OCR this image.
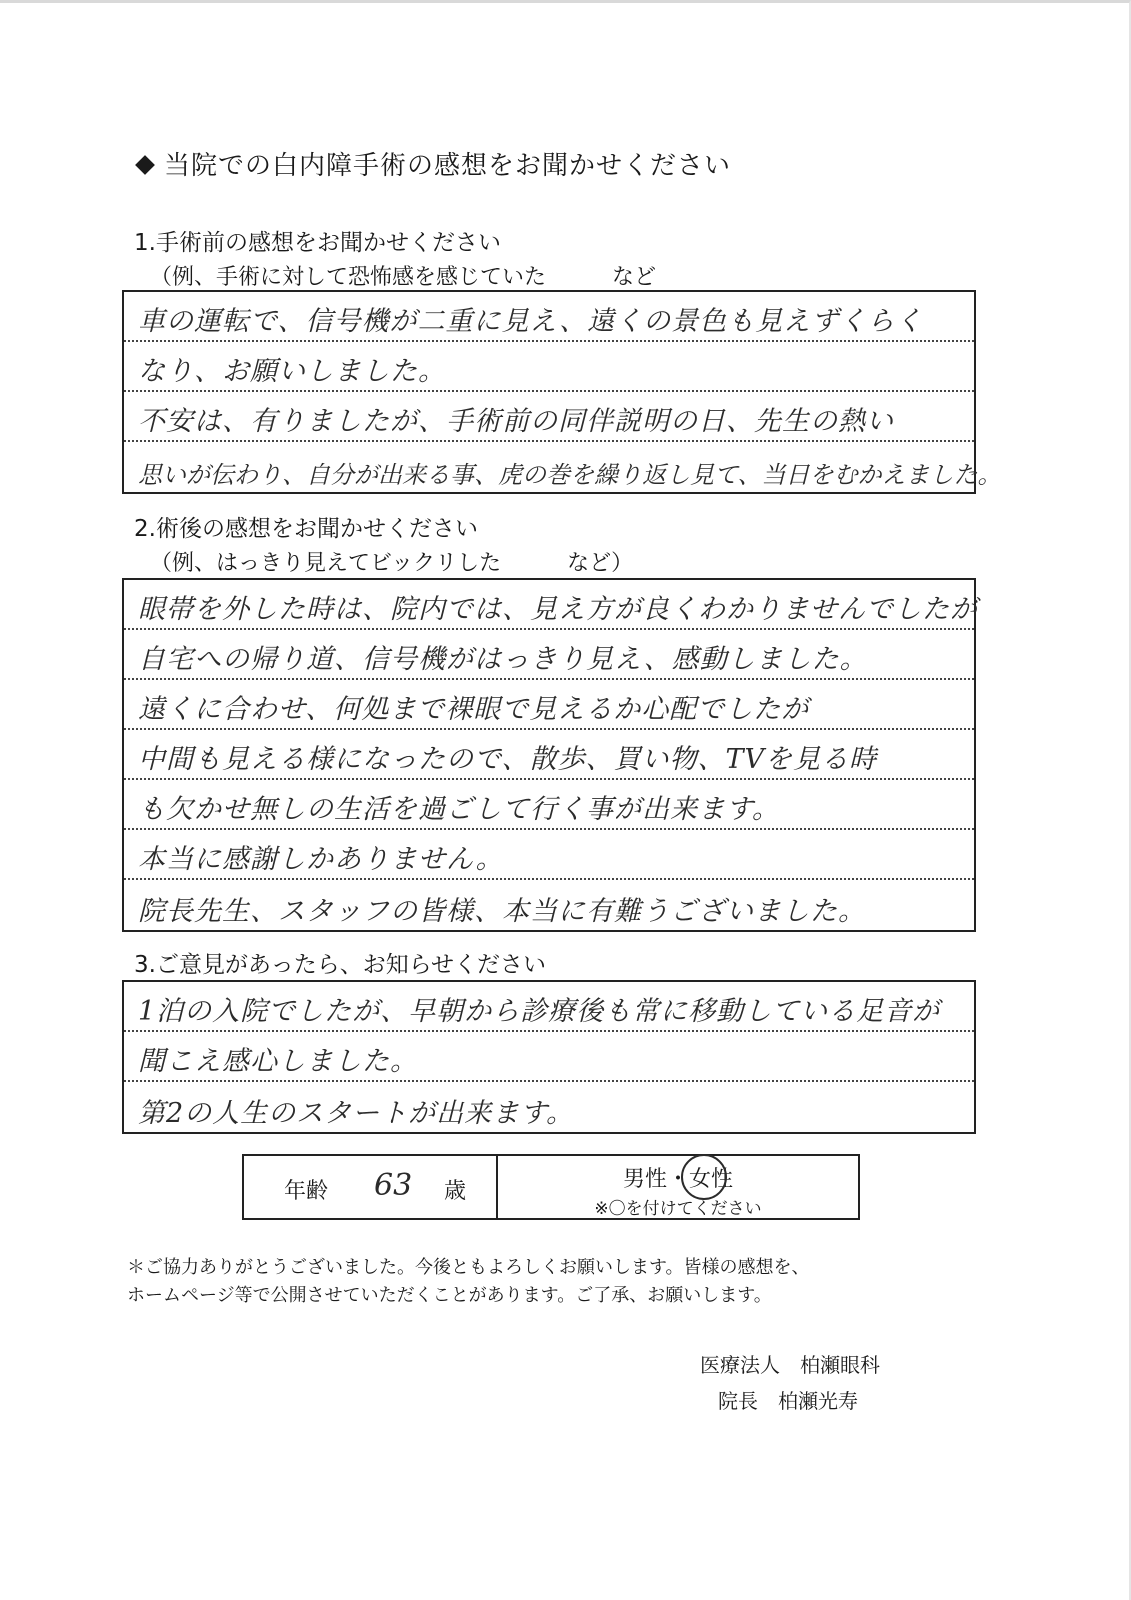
当院での白内障手術の感想をお聞かせください
1.手術前の感想をお聞かせください
（例、手術に対して恐怖感を感じていた　　　など
車の運転で、信号機が二重に見え、遠くの景色も見えずくらく
なり、お願いしました。
不安は、有りましたが、手術前の同伴説明の日、先生の熱い
思いが伝わり、自分が出来る事、虎の巻を繰り返し見て、当日をむかえました。
2.術後の感想をお聞かせください
（例、はっきり見えてビックリした　　　など）
眼帯を外した時は、院内では、見え方が良くわかりませんでしたが
自宅への帰り道、信号機がはっきり見え、感動しました。
遠くに合わせ、何処まで裸眼で見えるか心配でしたが
中間も見える様になったので、散歩、買い物、TVを見る時
も欠かせ無しの生活を過ごして行く事が出来ます。
本当に感謝しかありません。
院長先生、スタッフの皆様、本当に有難うございました。
3.ご意見があったら、お知らせください
1泊の入院でしたが、早朝から診療後も常に移動している足音が
聞こえ感心しました。
第2の人生のスタートが出来ます。
年齢 63 歳	男性・
女性
※〇を付けてください

＊ご協力ありがとうございました。今後ともよろしくお願いします。皆様の感想を、

ホームページ等で公開させていただくことがあります。ご了承、お願いします。

医療法人　柏瀬眼科

院長　柏瀬光寿
